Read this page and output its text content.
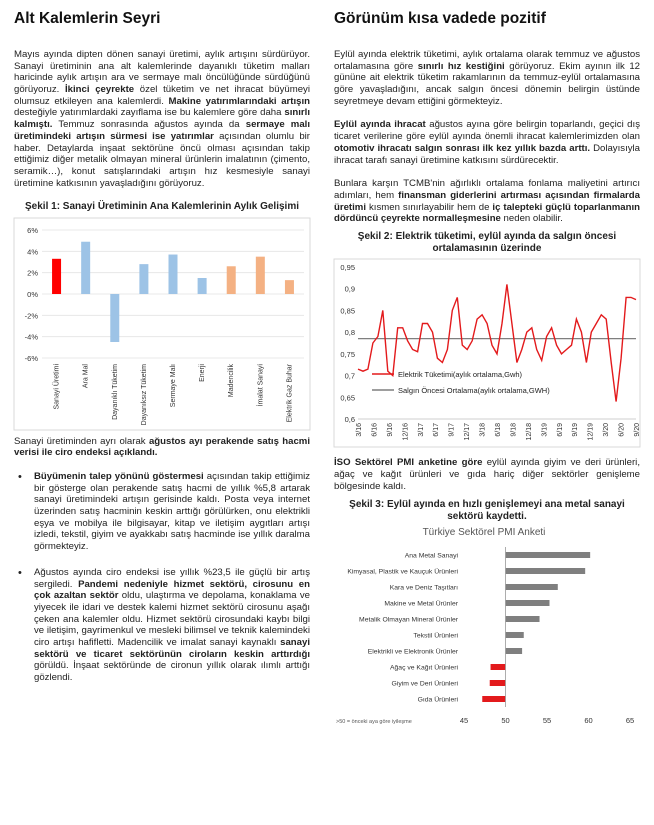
Alt Kalemlerin Seyri

Mayıs ayında dipten dönen sanayi üretimi, aylık artışını sürdürüyor. Sanayi üretiminin ana alt kalemlerinde dayanıklı tüketim malları haricinde aylık artışın ara ve sermaye malı öncülüğünde sürdüğünü görüyoruz. İkinci çeyrekte özel tüketim ve net ihracat büyümeyi olumsuz etkileyen ana kalemlerdi. Makine yatırımlarındaki artışın desteğiyle yatırımlardaki zayıflama ise bu kalemlere göre daha sınırlı kalmıştı. Temmuz sonrasında ağustos ayında da sermaye malı üretimindeki artışın sürmesi ise yatırımlar açısından olumlu bir haber. Detaylarda inşaat sektörüne öncü olması açısından takip ettiğimiz diğer metalik olmayan mineral ürünlerin imalatının (çimento, seramik…), konut satışlarındaki artışın hız kesmesiyle sanayi üretimine katkısının yavaşladığını görüyoruz.

Şekil 1: Sanayi Üretiminin Ana Kalemlerinin Aylık Gelişimi
-6%
-4%
-2%
0%
2%
4%
6%
Sanayi Üretimi	Ara Mal	Dayanıklı Tüketim	Dayanıksız Tüketim	Sermaye Malı	Enerji	Madencilik	İmalat Sanayi	Elektrik Gaz Buhar

Sanayi üretiminden ayrı olarak ağustos ayı perakende satış hacmi verisi ile ciro endeksi açıklandı.

• Büyümenin talep yönünü göstermesi açısından takip ettiğimiz bir gösterge olan perakende satış hacmi de yıllık %5,8 artarak sanayi üretimindeki artışın gerisinde kaldı. Posta veya internet üzerinden satış hacminin keskin arttığı görülürken, onu elektrikli eşya ve mobilya ile bilgisayar, kitap ve iletişim aygıtları artışı izledi, tekstil, giyim ve ayakkabı satış hacminde ise yıllık daralma görmekteyiz.
• Ağustos ayında ciro endeksi ise yıllık %23,5 ile güçlü bir artış sergiledi. Pandemi nedeniyle hizmet sektörü, cirosunu en çok azaltan sektör oldu, ulaştırma ve depolama, konaklama ve yiyecek ile idari ve destek kalemi hizmet sektörü cirosunu aşağı çeken ana kalemler oldu. Hizmet sektörü cirosundaki kaybı bilgi ve iletişim, gayrimenkul ve mesleki bilimsel ve teknik kalemindeki ciro artışı hafifletti. Madencilik ve imalat sanayi kaynaklı sanayi sektörü ve ticaret sektörünün ciroların keskin arttırdığı görüldü. İnşaat sektöründe de cironun yıllık olarak ılımlı arttığı gözlendi.
Görünüm kısa vadede pozitif

Eylül ayında elektrik tüketimi, aylık ortalama olarak temmuz ve ağustos ortalamasına göre sınırlı hız kestiğini görüyoruz. Ekim ayının ilk 12 gününe ait elektrik tüketim rakamlarının da temmuz-eylül ortalamasına göre yavaşladığını, ancak salgın öncesi dönemin belirgin üstünde seyretmeye devam ettiğini görmekteyiz.

Eylül ayında ihracat ağustos ayına göre belirgin toparlandı, geçici dış ticaret verilerine göre eylül ayında önemli ihracat kalemlerimizden olan otomotiv ihracatı salgın sonrası ilk kez yıllık bazda arttı. Dolayısıyla ihracat tarafı sanayi üretimine katkısını sürdürecektir.

Bunlara karşın TCMB'nin ağırlıklı ortalama fonlama maliyetini artırıcı adımları, hem finansman giderlerini artırması açısından firmalarda üretimi kısmen sınırlayabilir hem de iç talepteki güçlü toparlanmanın dördüncü çeyrekte normalleşmesine neden olabilir.

Şekil 2: Elektrik tüketimi, eylül ayında da salgın öncesi ortalamasının üzerinde
0,6
0,65
0,7
0,75
0,8
0,85
0,9
0,95
3/16 6/16 9/16 12/16 3/17 6/17 9/17 12/17 3/18 6/18 9/18 12/18 3/19 6/19 9/19 12/19 3/20 6/20 9/20
Elektrik Tüketimi(aylık ortalama,Gwh)
Salgın Öncesi Ortalama(aylık ortalama,GWH)

İSO Sektörel PMI anketine göre eylül ayında giyim ve deri ürünleri, ağaç ve kağıt ürünleri ve gıda hariç diğer sektörler genişleme bölgesinde kaldı.

Şekil 3: Eylül ayında en hızlı genişlemeyi ana metal sanayi sektörü kaydetti.
Türkiye Sektörel PMI Anketi
45	50	55	60	65
Ana Metal Sanayi
Kimyasal, Plastik ve Kauçuk Ürünleri
Kara ve Deniz Taşıtları
Makine ve Metal Ürünler
Metalik Olmayan Mineral Ürünler
Tekstil Ürünleri
Elektrikli ve Elektronik Ürünler
Ağaç ve Kağıt Ürünleri
Giyim ve Deri Ürünleri
Gıda Ürünleri
>50 = önceki aya göre iyileşme
